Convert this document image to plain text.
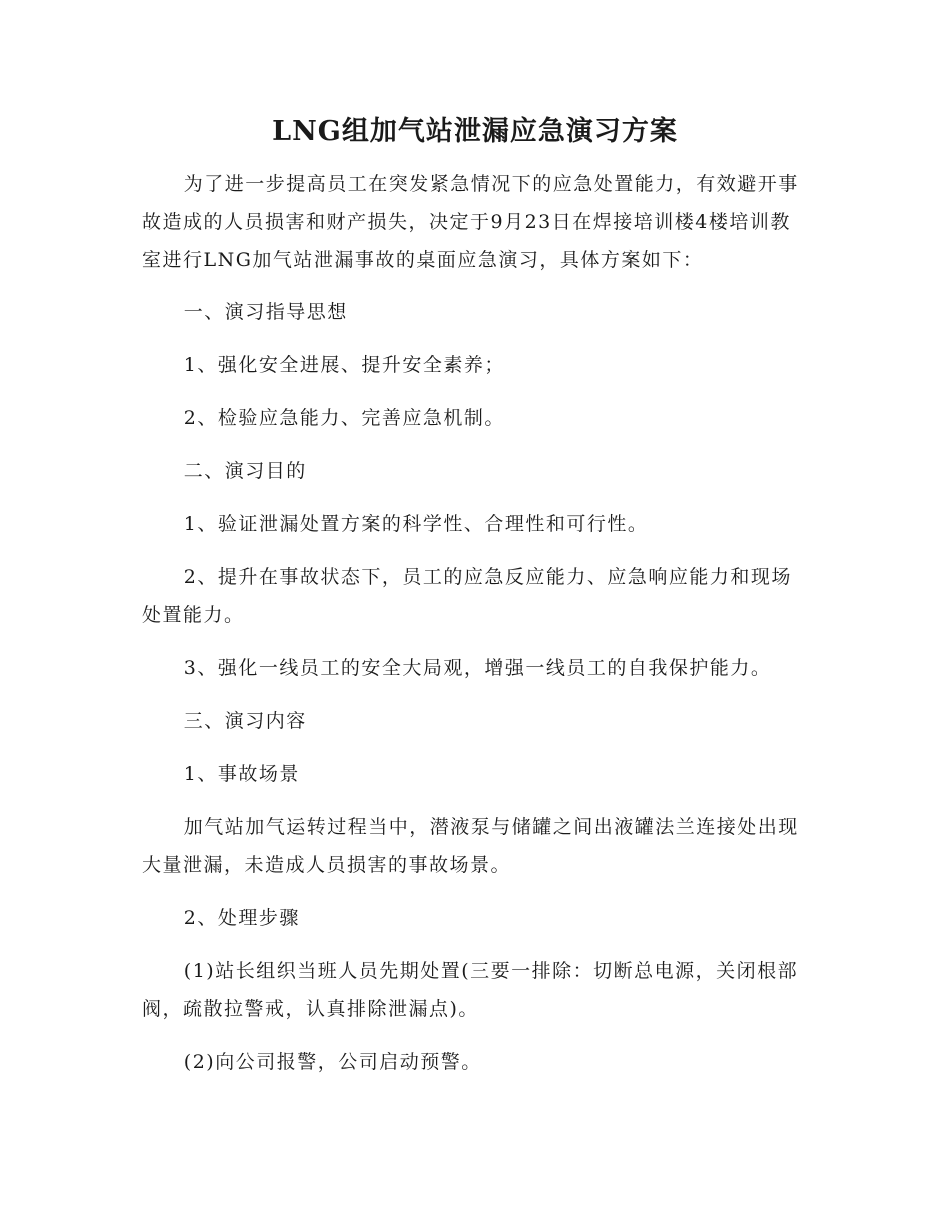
LNG组加气站泄漏应急演习方案

为了进一步提高员工在突发紧急情况下的应急处置能力，有效避开事故造成的人员损害和财产损失，决定于9月23日在焊接培训楼4楼培训教室进行LNG加气站泄漏事故的桌面应急演习，具体方案如下：

一、演习指导思想

1、强化安全进展、提升安全素养；

2、检验应急能力、完善应急机制。

二、演习目的

1、验证泄漏处置方案的科学性、合理性和可行性。

2、提升在事故状态下，员工的应急反应能力、应急响应能力和现场处置能力。

3、强化一线员工的安全大局观，增强一线员工的自我保护能力。

三、演习内容

1、事故场景

加气站加气运转过程当中，潜液泵与储罐之间出液罐法兰连接处出现大量泄漏，未造成人员损害的事故场景。

2、处理步骤

(1)站长组织当班人员先期处置(三要一排除：切断总电源，关闭根部阀，疏散拉警戒，认真排除泄漏点)。

(2)向公司报警，公司启动预警。
